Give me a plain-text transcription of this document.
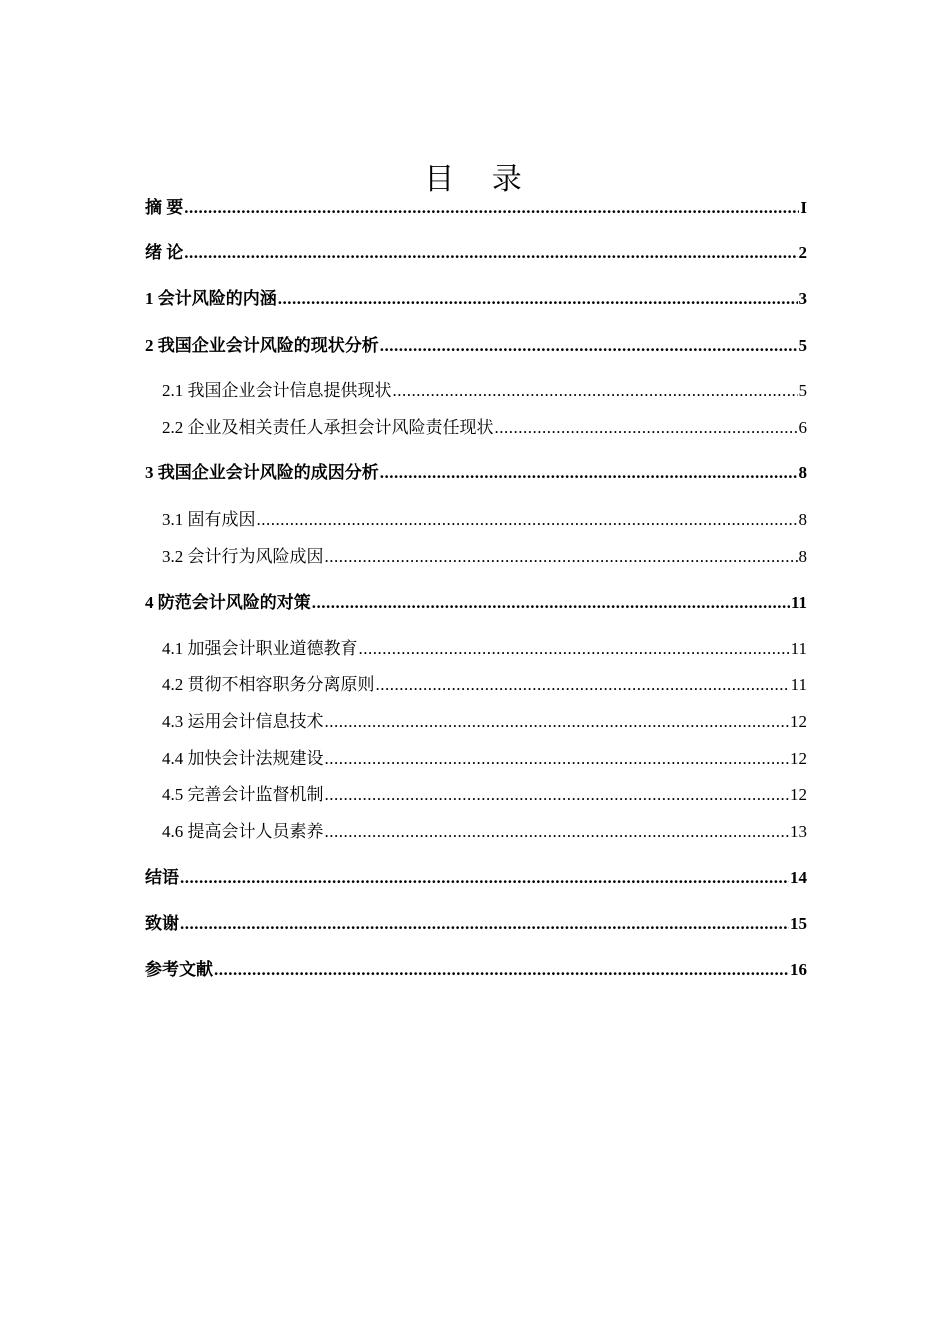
目 录
摘 要 .....	I
绪 论 .....	2
1 会计风险的内涵 .....	3
2 我国企业会计风险的现状分析 .....	5
2.1 我国企业会计信息提供现状 .....	5
2.2 企业及相关责任人承担会计风险责任现状 .....	6
3 我国企业会计风险的成因分析 .....	8
3.1 固有成因 .....	8
3.2 会计行为风险成因 .....	8
4 防范会计风险的对策 .....	11
4.1 加强会计职业道德教育 .....	11
4.2 贯彻不相容职务分离原则 .....	11
4.3 运用会计信息技术 .....	12
4.4 加快会计法规建设 .....	12
4.5 完善会计监督机制 .....	12
4.6 提高会计人员素养 .....	13
结语 .....	14
致谢 .....	15
参考文献 .....	16
